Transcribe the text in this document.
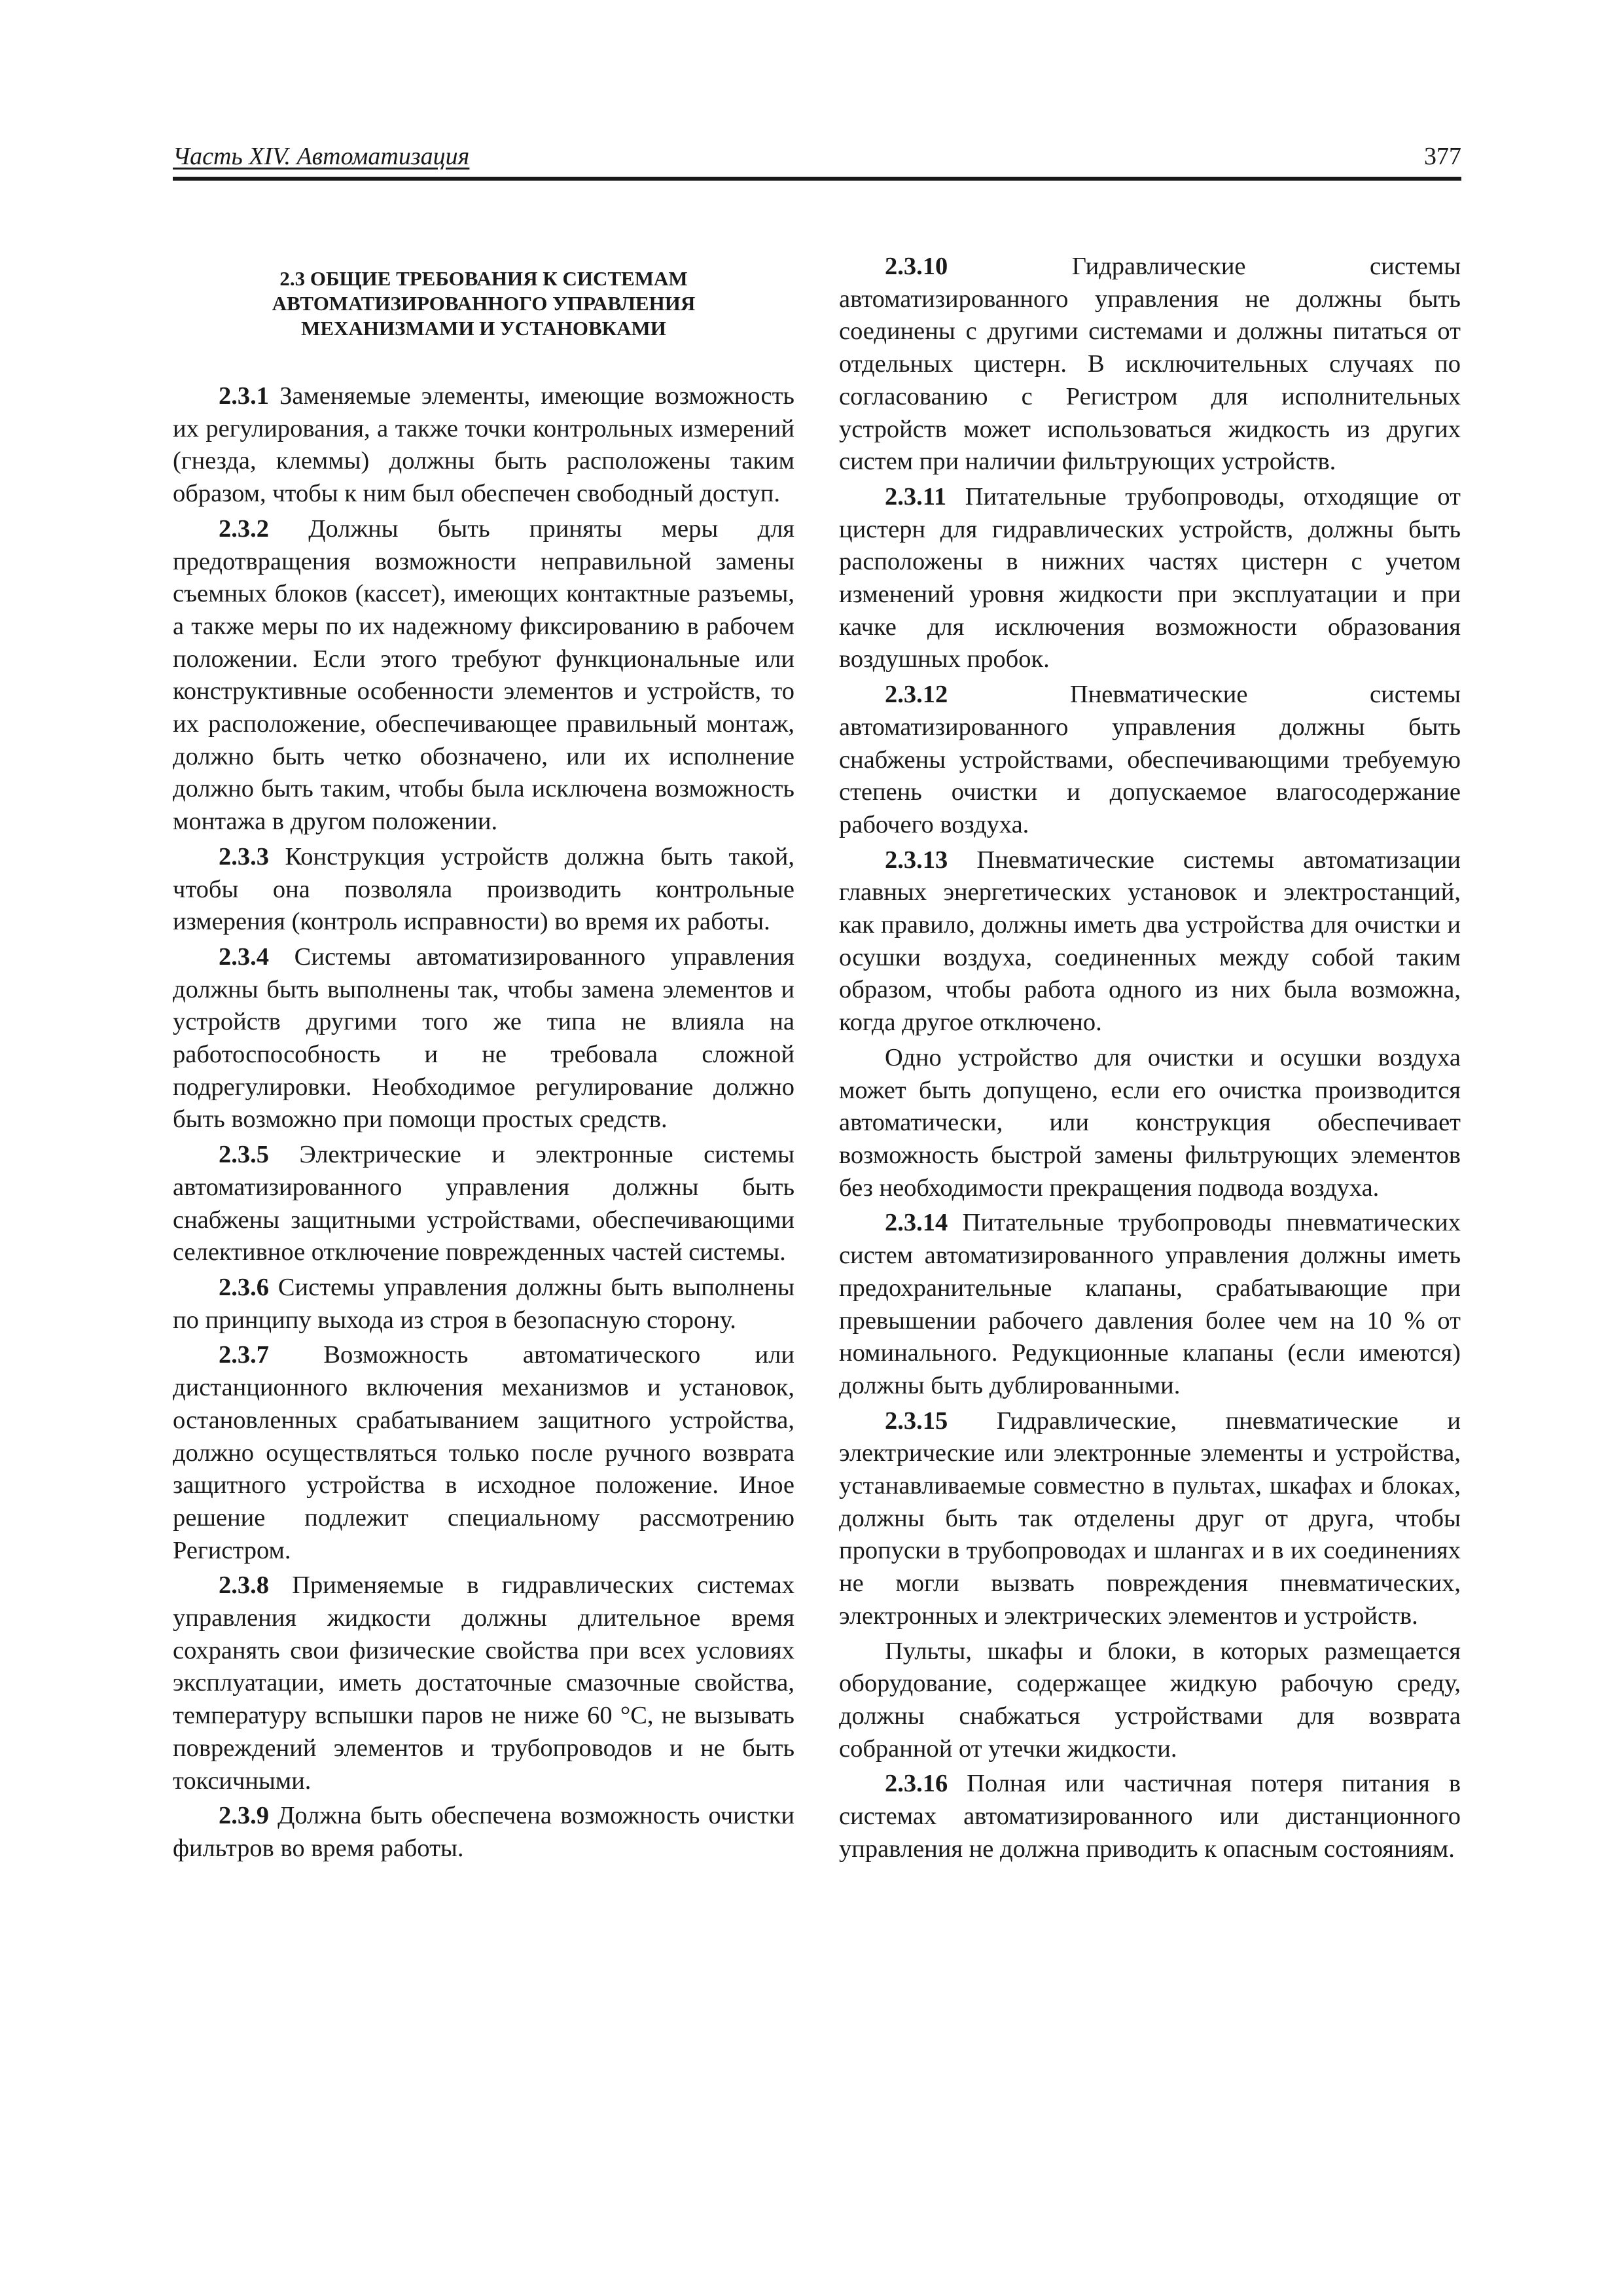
Часть XIV. Автоматизация	377
2.3 ОБЩИЕ ТРЕБОВАНИЯ К СИСТЕМАМ АВТОМАТИЗИРОВАННОГО УПРАВЛЕНИЯ МЕХАНИЗМАМИ И УСТАНОВКАМИ

2.3.1 Заменяемые элементы, имеющие возможность их регулирования, а также точки контрольных измерений (гнезда, клеммы) должны быть расположены таким образом, чтобы к ним был обеспечен свободный доступ.

2.3.2 Должны быть приняты меры для предотвращения возможности неправильной замены съемных блоков (кассет), имеющих контактные разъемы, а также меры по их надежному фиксированию в рабочем положении. Если этого требуют функциональные или конструктивные особенности элементов и устройств, то их расположение, обеспечивающее правильный монтаж, должно быть четко обозначено, или их исполнение должно быть таким, чтобы была исключена возможность монтажа в другом положении.

2.3.3 Конструкция устройств должна быть такой, чтобы она позволяла производить контрольные измерения (контроль исправности) во время их работы.

2.3.4 Системы автоматизированного управления должны быть выполнены так, чтобы замена элементов и устройств другими того же типа не влияла на работоспособность и не требовала сложной подрегулировки. Необходимое регулирование должно быть возможно при помощи простых средств.

2.3.5 Электрические и электронные системы автоматизированного управления должны быть снабжены защитными устройствами, обеспечивающими селективное отключение поврежденных частей системы.

2.3.6 Системы управления должны быть выполнены по принципу выхода из строя в безопасную сторону.

2.3.7 Возможность автоматического или дистанционного включения механизмов и установок, остановленных срабатыванием защитного устройства, должно осуществляться только после ручного возврата защитного устройства в исходное положение. Иное решение подлежит специальному рассмотрению Регистром.

2.3.8 Применяемые в гидравлических системах управления жидкости должны длительное время сохранять свои физические свойства при всех условиях эксплуатации, иметь достаточные смазочные свойства, температуру вспышки паров не ниже 60 °C, не вызывать повреждений элементов и трубопроводов и не быть токсичными.

2.3.9 Должна быть обеспечена возможность очистки фильтров во время работы.

2.3.10 Гидравлические системы автоматизированного управления не должны быть соединены с другими системами и должны питаться от отдельных цистерн. В исключительных случаях по согласованию с Регистром для исполнительных устройств может использоваться жидкость из других систем при наличии фильтрующих устройств.

2.3.11 Питательные трубопроводы, отходящие от цистерн для гидравлических устройств, должны быть расположены в нижних частях цистерн с учетом изменений уровня жидкости при эксплуатации и при качке для исключения возможности образования воздушных пробок.

2.3.12 Пневматические системы автоматизированного управления должны быть снабжены устройствами, обеспечивающими требуемую степень очистки и допускаемое влагосодержание рабочего воздуха.

2.3.13 Пневматические системы автоматизации главных энергетических установок и электростанций, как правило, должны иметь два устройства для очистки и осушки воздуха, соединенных между собой таким образом, чтобы работа одного из них была возможна, когда другое отключено.

Одно устройство для очистки и осушки воздуха может быть допущено, если его очистка производится автоматически, или конструкция обеспечивает возможность быстрой замены фильтрующих элементов без необходимости прекращения подвода воздуха.

2.3.14 Питательные трубопроводы пневматических систем автоматизированного управления должны иметь предохранительные клапаны, срабатывающие при превышении рабочего давления более чем на 10 % от номинального. Редукционные клапаны (если имеются) должны быть дублированными.

2.3.15 Гидравлические, пневматические и электрические или электронные элементы и устройства, устанавливаемые совместно в пультах, шкафах и блоках, должны быть так отделены друг от друга, чтобы пропуски в трубопроводах и шлангах и в их соединениях не могли вызвать повреждения пневматических, электронных и электрических элементов и устройств.

Пульты, шкафы и блоки, в которых размещается оборудование, содержащее жидкую рабочую среду, должны снабжаться устройствами для возврата собранной от утечки жидкости.

2.3.16 Полная или частичная потеря питания в системах автоматизированного или дистанционного управления не должна приводить к опасным состояниям.
